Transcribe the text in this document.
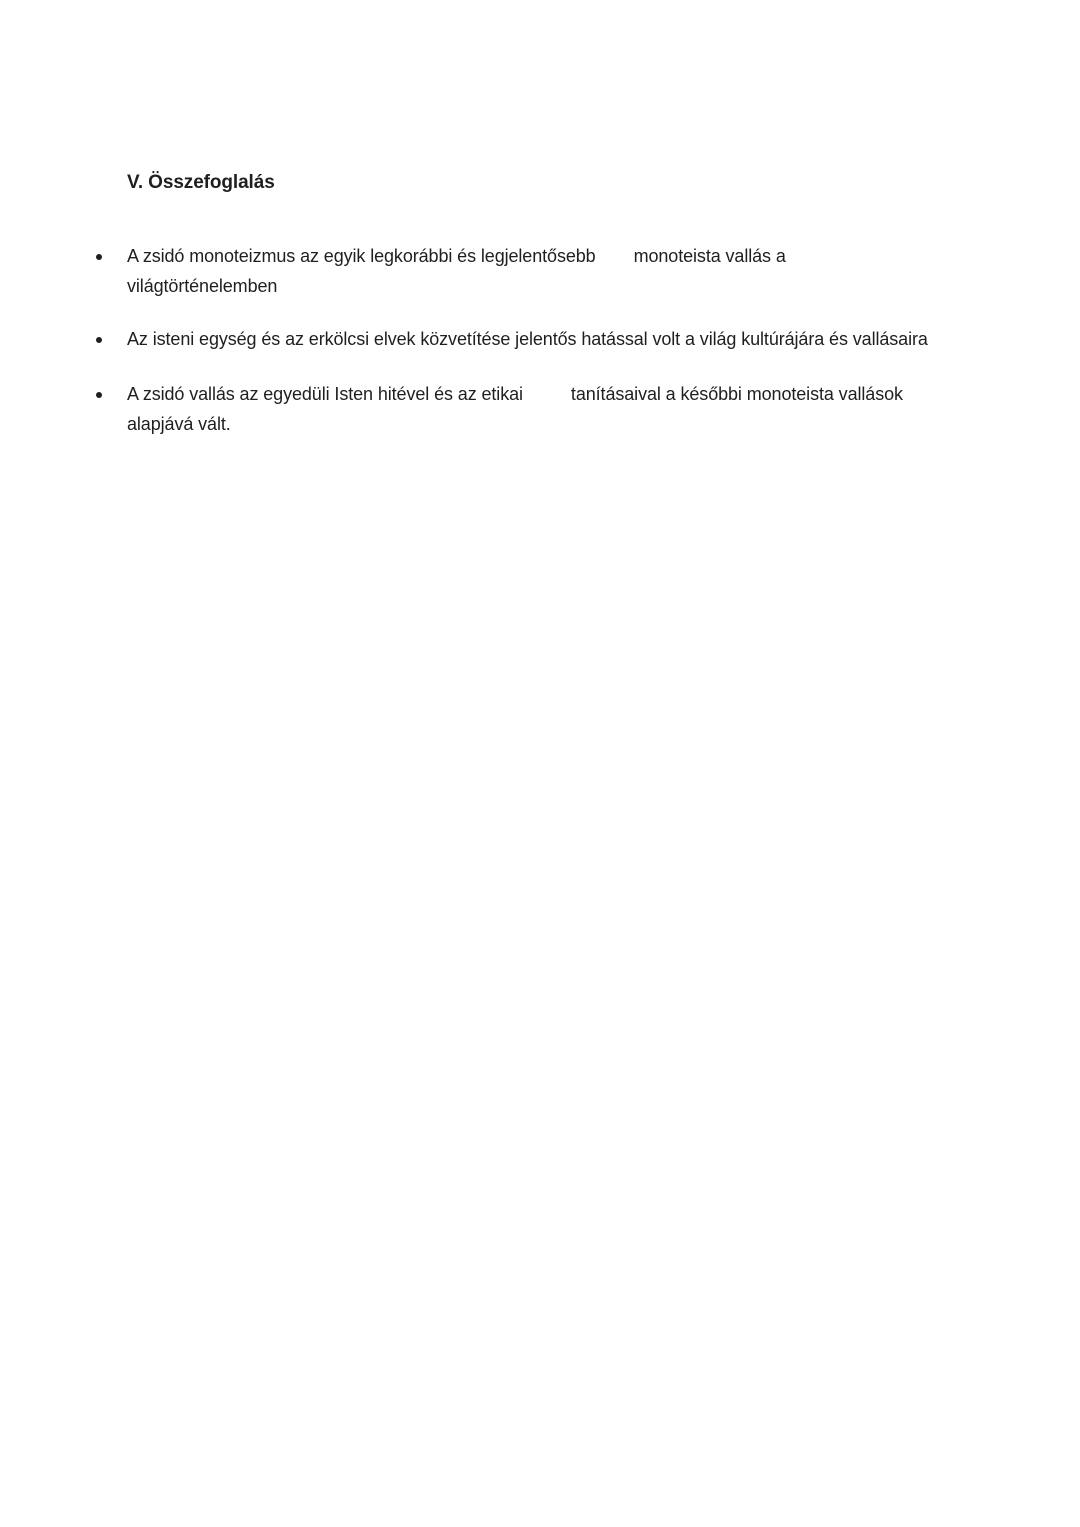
V. Összefoglalás
A zsidó monoteizmus az egyik legkorábbi és legjelentősebb monoteista vallás a
világtörténelemben
Az isteni egység és az erkölcsi elvek közvetítése jelentős hatással volt a világ kultúrájára és vallásaira
A zsidó vallás az egyedüli Isten hitével és az etikai	tanításaival a későbbi monoteista vallások
alapjává vált.
